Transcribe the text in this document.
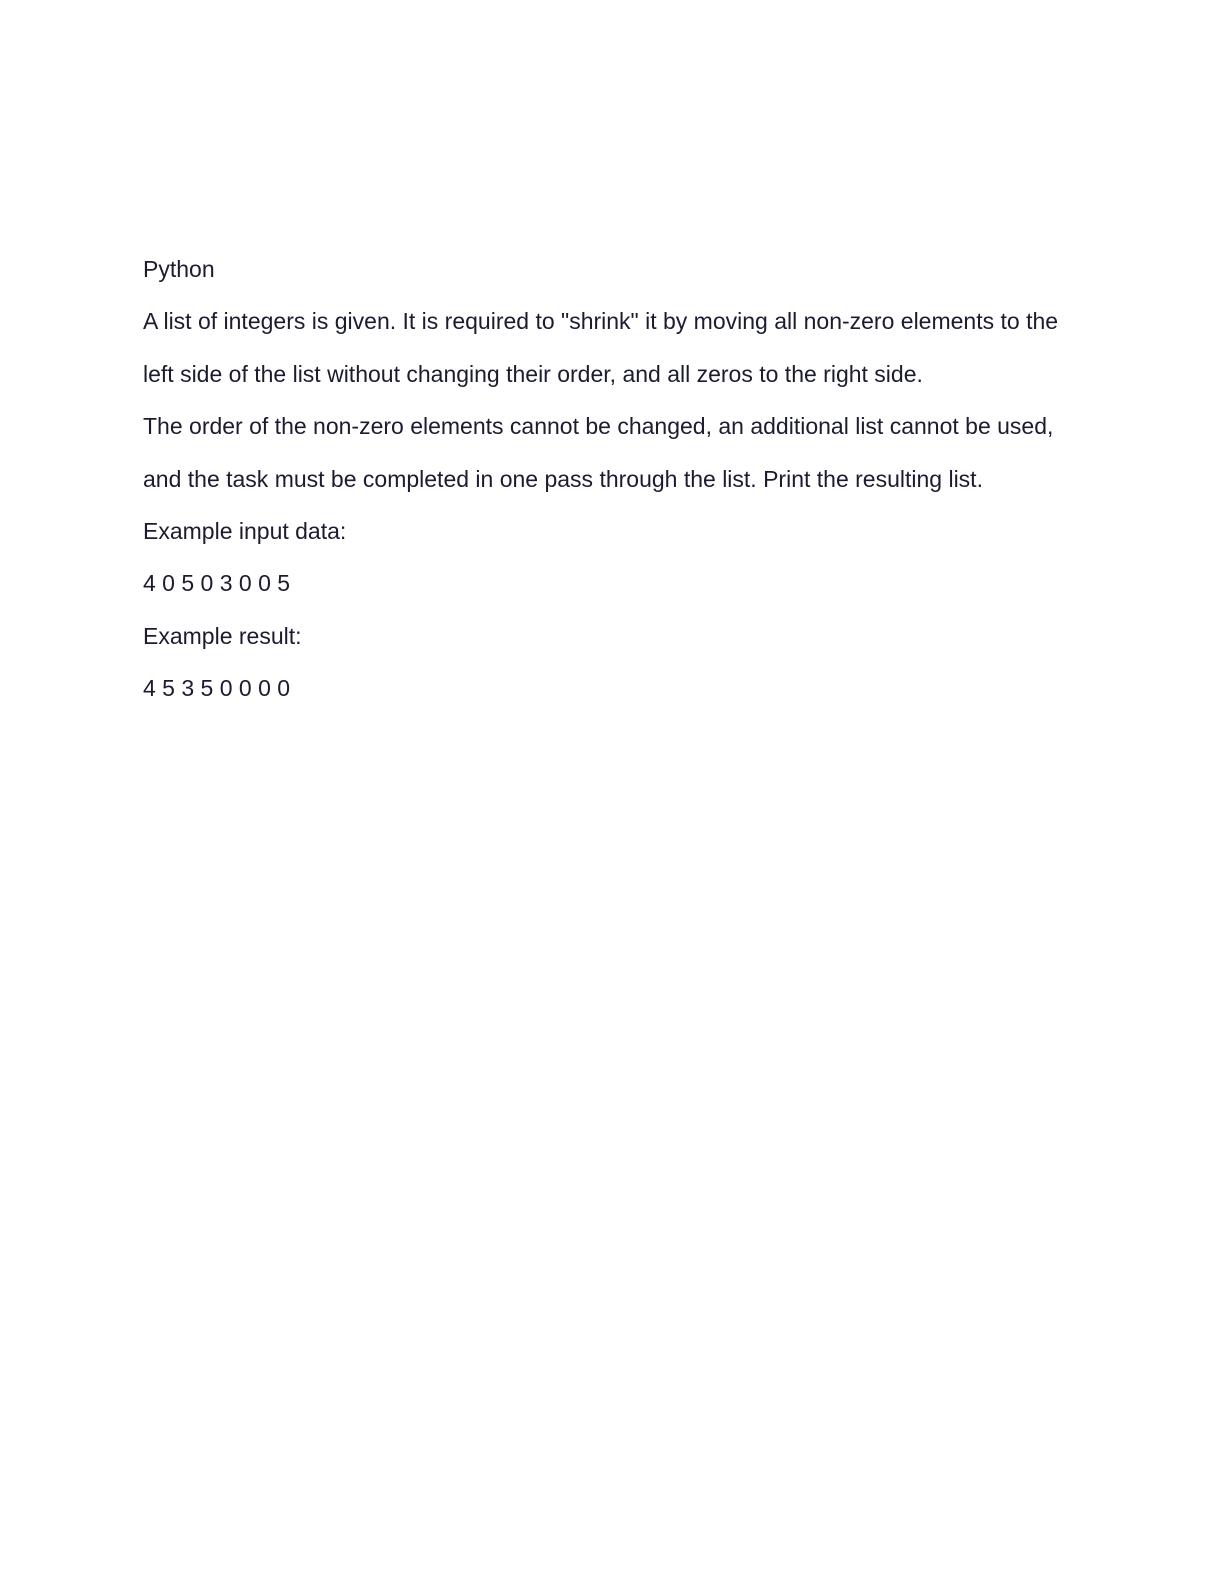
Python

A list of integers is given. It is required to "shrink" it by moving all non-zero elements to the

left side of the list without changing their order, and all zeros to the right side.

The order of the non-zero elements cannot be changed, an additional list cannot be used,

and the task must be completed in one pass through the list. Print the resulting list.

Example input data:

4 0 5 0 3 0 0 5

Example result:

4 5 3 5 0 0 0 0
